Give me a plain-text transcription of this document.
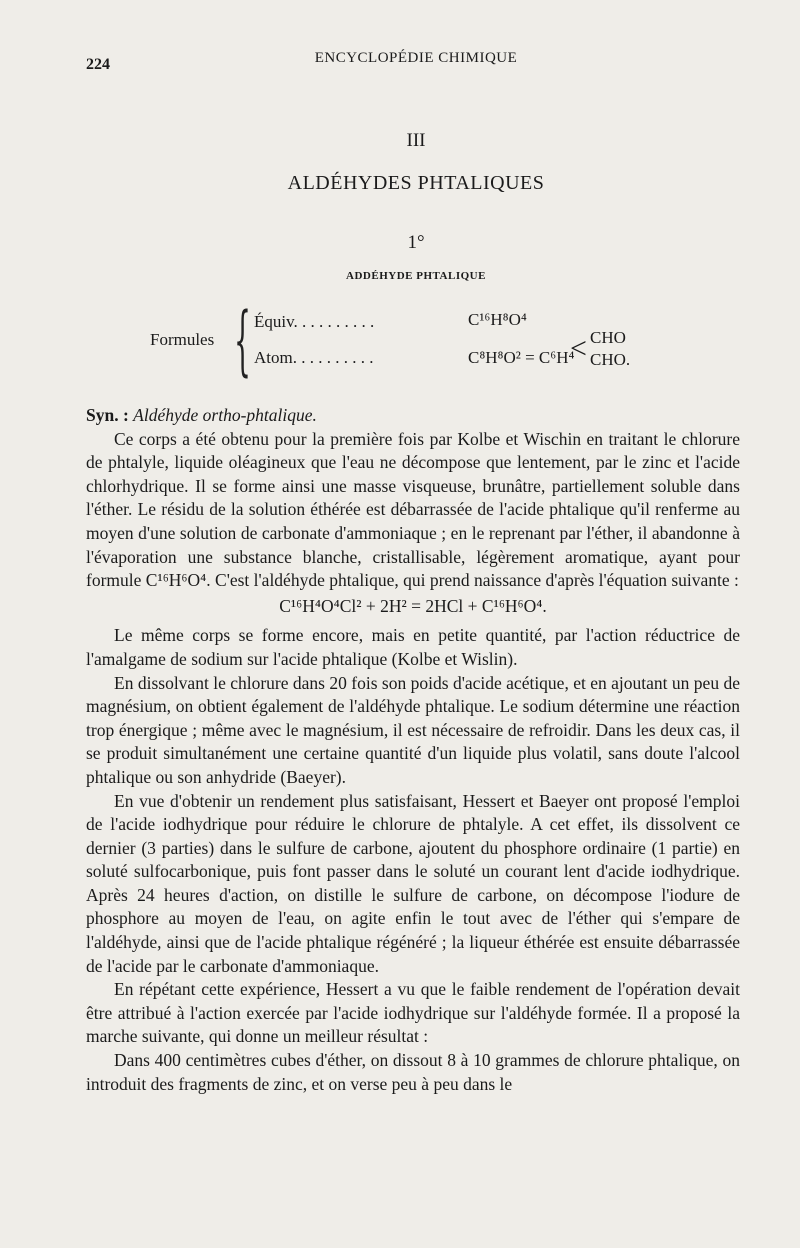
224	ENCYCLOPÉDIE CHIMIQUE
III
ALDÉHYDES PHTALIQUES
1°
ADDÉHYDE PHTALIQUE
Formules { Équiv. . . . . . . . . .	C¹⁶H⁸O⁴
Atom. . . . . . . . . .	C⁸H⁸O² = C⁶H⁴
< CHO
CHO.

Syn. : Aldéhyde ortho-phtalique.

Ce corps a été obtenu pour la première fois par Kolbe et Wischin en traitant le chlorure de phtalyle, liquide oléagineux que l'eau ne décompose que lentement, par le zinc et l'acide chlorhydrique. Il se forme ainsi une masse visqueuse, brunâtre, partiellement soluble dans l'éther. Le résidu de la solution éthérée est débarrassée de l'acide phtalique qu'il renferme au moyen d'une solution de carbonate d'ammoniaque ; en le reprenant par l'éther, il abandonne à l'évaporation une substance blanche, cristallisable, légèrement aromatique, ayant pour formule C¹⁶H⁶O⁴. C'est l'aldéhyde phtalique, qui prend naissance d'après l'équation suivante :

C¹⁶H⁴O⁴Cl² + 2H² = 2HCl + C¹⁶H⁶O⁴.

Le même corps se forme encore, mais en petite quantité, par l'action réductrice de l'amalgame de sodium sur l'acide phtalique (Kolbe et Wislin).

En dissolvant le chlorure dans 20 fois son poids d'acide acétique, et en ajoutant un peu de magnésium, on obtient également de l'aldéhyde phtalique. Le sodium détermine une réaction trop énergique ; même avec le magnésium, il est nécessaire de refroidir. Dans les deux cas, il se produit simultanément une certaine quantité d'un liquide plus volatil, sans doute l'alcool phtalique ou son anhydride (Baeyer).

En vue d'obtenir un rendement plus satisfaisant, Hessert et Baeyer ont proposé l'emploi de l'acide iodhydrique pour réduire le chlorure de phtalyle. A cet effet, ils dissolvent ce dernier (3 parties) dans le sulfure de carbone, ajoutent du phosphore ordinaire (1 partie) en soluté sulfocarbonique, puis font passer dans le soluté un courant lent d'acide iodhydrique. Après 24 heures d'action, on distille le sulfure de carbone, on décompose l'iodure de phosphore au moyen de l'eau, on agite enfin le tout avec de l'éther qui s'empare de l'aldéhyde, ainsi que de l'acide phtalique régénéré ; la liqueur éthérée est ensuite débarrassée de l'acide par le carbonate d'ammoniaque.

En répétant cette expérience, Hessert a vu que le faible rendement de l'opération devait être attribué à l'action exercée par l'acide iodhydrique sur l'aldéhyde formée. Il a proposé la marche suivante, qui donne un meilleur résultat :

Dans 400 centimètres cubes d'éther, on dissout 8 à 10 grammes de chlorure phtalique, on introduit des fragments de zinc, et on verse peu à peu dans le
